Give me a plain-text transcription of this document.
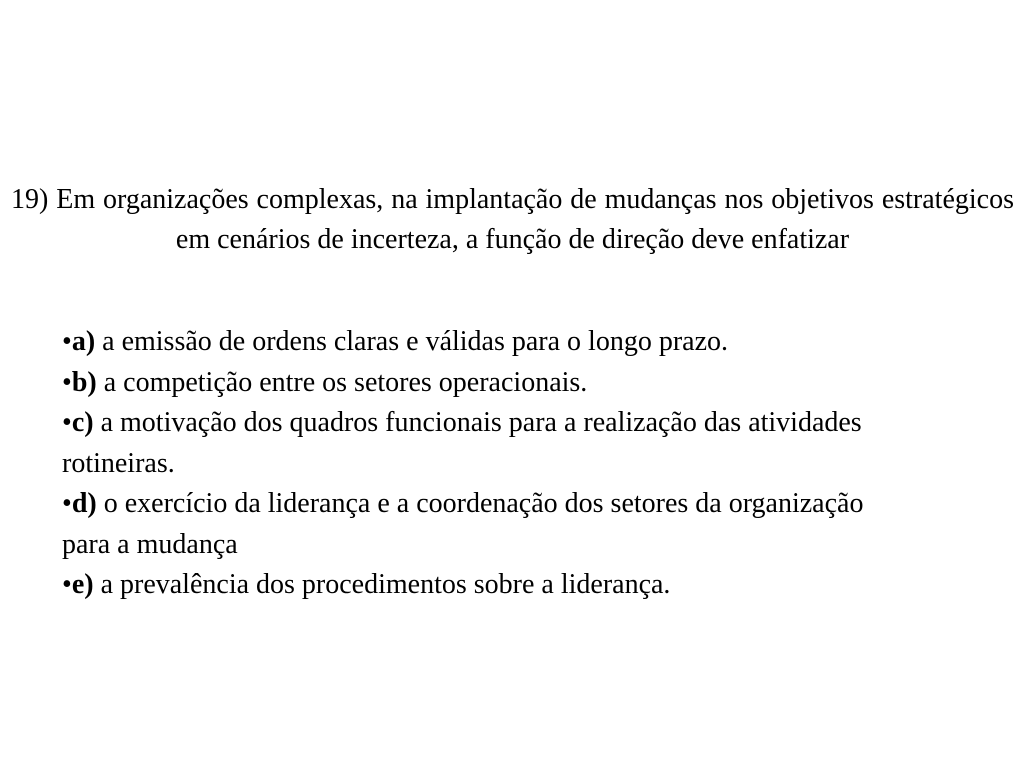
19) Em organizações complexas, na implantação de mudanças nos objetivos estratégicos em cenários de incerteza, a função de direção deve enfatizar

•a) a emissão de ordens claras e válidas para o longo prazo.
•b) a competição entre os setores operacionais.
•c) a motivação dos quadros funcionais para a realização das atividades rotineiras.
•d) o exercício da liderança e a coordenação dos setores da organização para a mudança
•e) a prevalência dos procedimentos sobre a liderança.
